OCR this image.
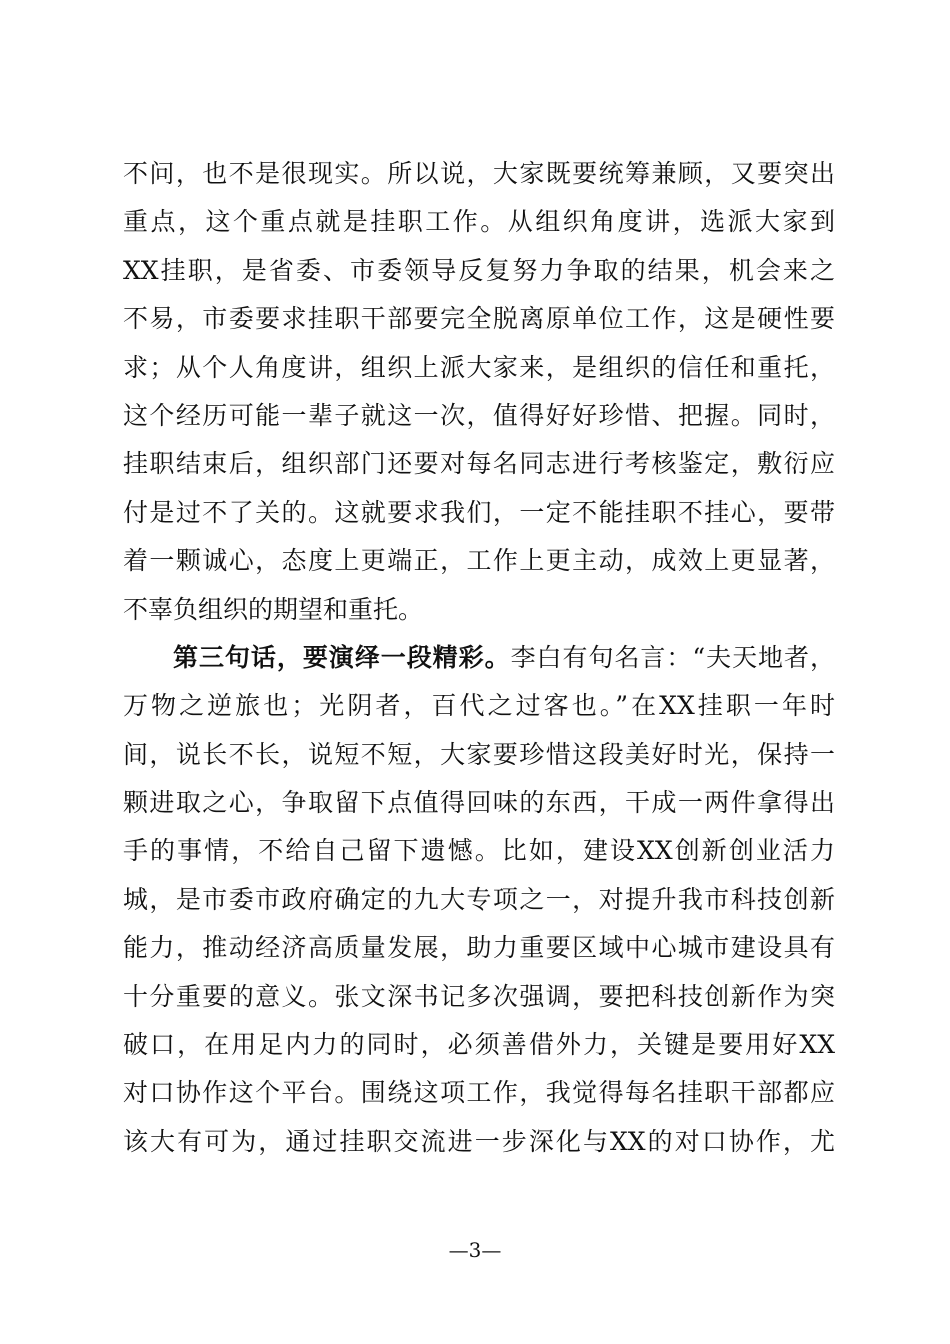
不问，也不是很现实。所以说，大家既要统筹兼顾，又要突出
重点，这个重点就是挂职工作。从组织角度讲，选派大家到
XX挂职，是省委、市委领导反复努力争取的结果，机会来之
不易，市委要求挂职干部要完全脱离原单位工作，这是硬性要
求；从个人角度讲，组织上派大家来，是组织的信任和重托，
这个经历可能一辈子就这一次，值得好好珍惜、把握。同时，
挂职结束后，组织部门还要对每名同志进行考核鉴定，敷衍应
付是过不了关的。这就要求我们，一定不能挂职不挂心，要带
着一颗诚心，态度上更端正，工作上更主动，成效上更显著，
不辜负组织的期望和重托。
第三句话，要演绎一段精彩。李白有句名言：“夫天地者，
万物之逆旅也；光阴者，百代之过客也。”在XX挂职一年时
间，说长不长，说短不短，大家要珍惜这段美好时光，保持一
颗进取之心，争取留下点值得回味的东西，干成一两件拿得出
手的事情，不给自己留下遗憾。比如，建设XX创新创业活力
城，是市委市政府确定的九大专项之一，对提升我市科技创新
能力，推动经济高质量发展，助力重要区域中心城市建设具有
十分重要的意义。张文深书记多次强调，要把科技创新作为突
破口，在用足内力的同时，必须善借外力，关键是要用好XX
对口协作这个平台。围绕这项工作，我觉得每名挂职干部都应
该大有可为，通过挂职交流进一步深化与XX的对口协作，尤
—3—
